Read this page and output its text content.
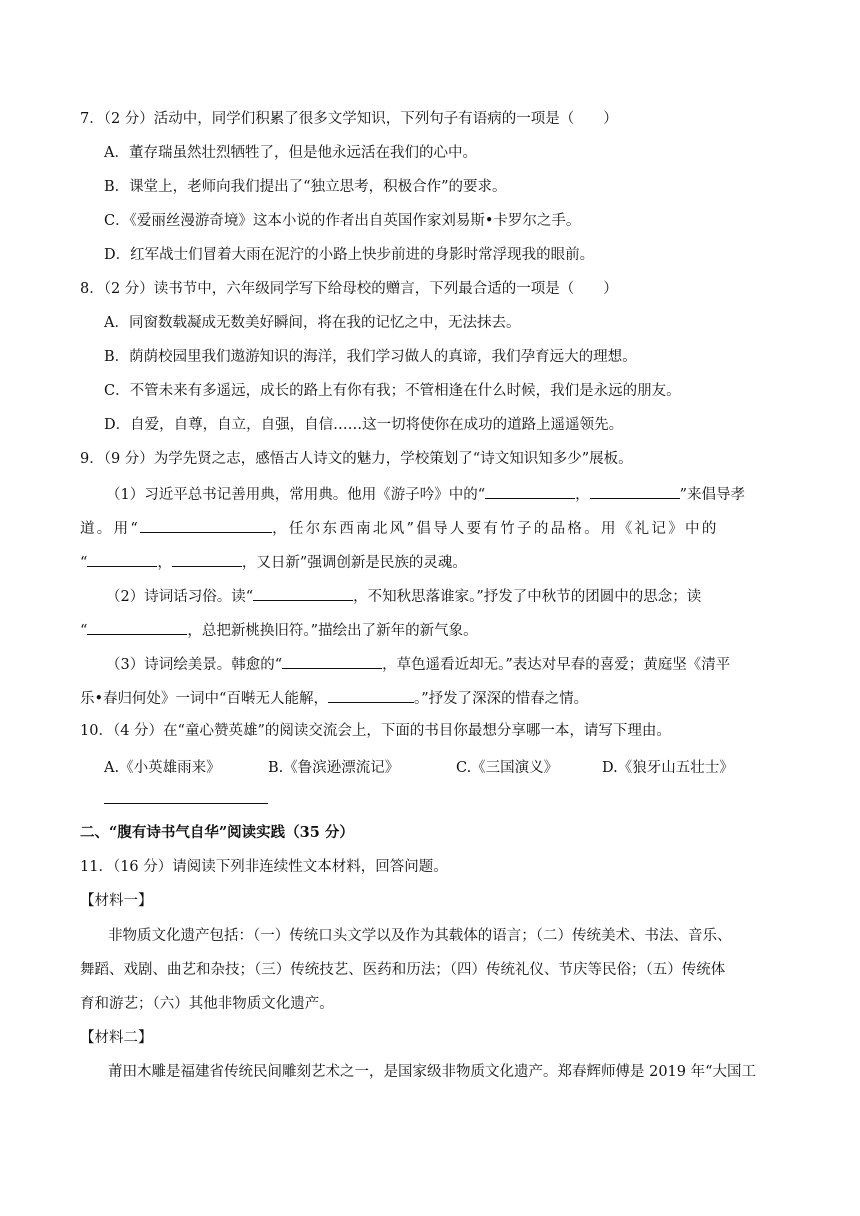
7．（2 分）活动中，同学们积累了很多文学知识，下列句子有语病的一项是（　　）
A．董存瑞虽然壮烈牺牲了，但是他永远活在我们的心中。
B．课堂上，老师向我们提出了“独立思考，积极合作”的要求。
C．《爱丽丝漫游奇境》这本小说的作者出自英国作家刘易斯•卡罗尔之手。
D．红军战士们冒着大雨在泥泞的小路上快步前进的身影时常浮现我的眼前。
8．（2 分）读书节中，六年级同学写下给母校的赠言，下列最合适的一项是（　　）
A．同窗数载凝成无数美好瞬间，将在我的记忆之中，无法抹去。
B．荫荫校园里我们遨游知识的海洋，我们学习做人的真谛，我们孕育远大的理想。
C．不管未来有多遥远，成长的路上有你有我；不管相逢在什么时候，我们是永远的朋友。
D．自爱，自尊，自立，自强，自信……这一切将使你在成功的道路上遥遥领先。
9．（9 分）为学先贤之志，感悟古人诗文的魅力，学校策划了“诗文知识知多少”展板。
（1）习近平总书记善用典，常用典。他用《游子吟》中的“	，	”来倡导孝
道。用“	，任尔东西南北风”倡导人要有竹子的品格。用《礼记》中的
“	，	，又日新”强调创新是民族的灵魂。
（2）诗词话习俗。读“	，不知秋思落谁家。”抒发了中秋节的团圆中的思念；读
“	，总把新桃换旧符。”描绘出了新年的新气象。
（3）诗词绘美景。韩愈的“	，草色遥看近却无。”表达对早春的喜爱；黄庭坚《清平
乐•春归何处》一词中“百啭无人能解，	。”抒发了深深的惜春之情。
10．（4 分）在“童心赞英雄”的阅读交流会上，下面的书目你最想分享哪一本，请写下理由。
A.《小英雄雨来》	B.《鲁滨逊漂流记》	C.《三国演义》	D.《狼牙山五壮士》
二、“腹有诗书气自华”阅读实践（35 分）
11．（16 分）请阅读下列非连续性文本材料，回答问题。
【材料一】
非物质文化遗产包括：（一）传统口头文学以及作为其载体的语言；（二）传统美术、书法、音乐、
舞蹈、戏剧、曲艺和杂技；（三）传统技艺、医药和历法；（四）传统礼仪、节庆等民俗；（五）传统体
育和游艺；（六）其他非物质文化遗产。
【材料二】
莆田木雕是福建省传统民间雕刻艺术之一，是国家级非物质文化遗产。郑春辉师傅是 2019 年“大国工
